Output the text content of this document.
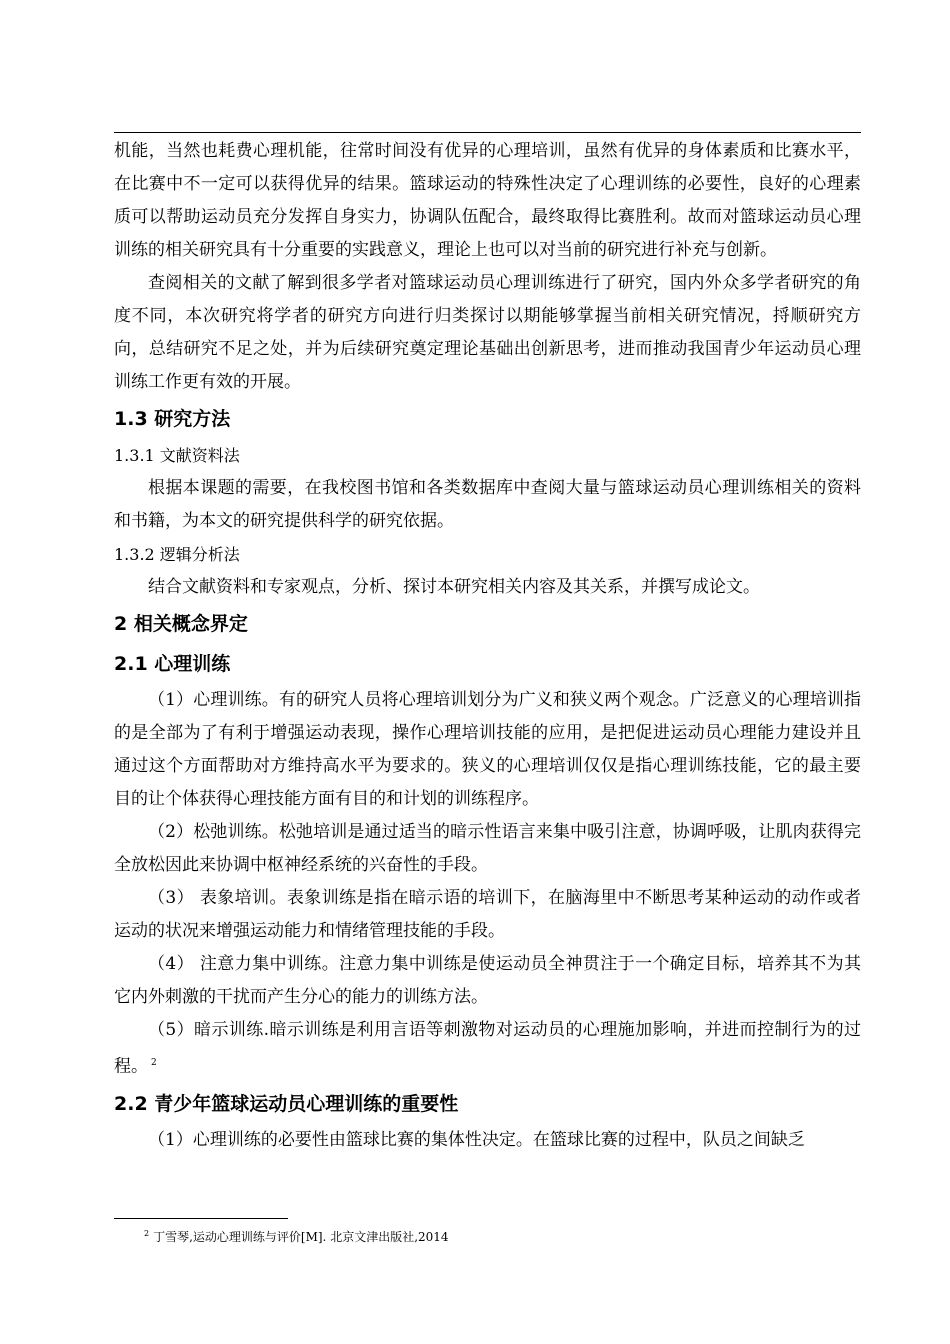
机能，当然也耗费心理机能，往常时间没有优异的心理培训，虽然有优异的身体素质和比赛水平，在比赛中不一定可以获得优异的结果。篮球运动的特殊性决定了心理训练的必要性，良好的心理素质可以帮助运动员充分发挥自身实力，协调队伍配合，最终取得比赛胜利。故而对篮球运动员心理训练的相关研究具有十分重要的实践意义，理论上也可以对当前的研究进行补充与创新。

查阅相关的文献了解到很多学者对篮球运动员心理训练进行了研究，国内外众多学者研究的角度不同，本次研究将学者的研究方向进行归类探讨以期能够掌握当前相关研究情况，捋顺研究方向，总结研究不足之处，并为后续研究奠定理论基础出创新思考，进而推动我国青少年运动员心理训练工作更有效的开展。

1.3 研究方法
1.3.1 文献资料法

根据本课题的需要，在我校图书馆和各类数据库中查阅大量与篮球运动员心理训练相关的资料和书籍，为本文的研究提供科学的研究依据。

1.3.2 逻辑分析法

结合文献资料和专家观点，分析、探讨本研究相关内容及其关系，并撰写成论文。

2 相关概念界定
2.1 心理训练

（1）心理训练。有的研究人员将心理培训划分为广义和狭义两个观念。广泛意义的心理培训指的是全部为了有利于增强运动表现，操作心理培训技能的应用，是把促进运动员心理能力建设并且通过这个方面帮助对方维持高水平为要求的。狭义的心理培训仅仅是指心理训练技能，它的最主要目的让个体获得心理技能方面有目的和计划的训练程序。

（2）松弛训练。松弛培训是通过适当的暗示性语言来集中吸引注意，协调呼吸，让肌肉获得完全放松因此来协调中枢神经系统的兴奋性的手段。

（3） 表象培训。表象训练是指在暗示语的培训下，在脑海里中不断思考某种运动的动作或者运动的状况来增强运动能力和情绪管理技能的手段。

（4） 注意力集中训练。注意力集中训练是使运动员全神贯注于一个确定目标，培养其不为其它内外刺激的干扰而产生分心的能力的训练方法。

（5）暗示训练.暗示训练是利用言语等刺激物对运动员的心理施加影响，并进而控制行为的过程。 $^2$

2.2 青少年篮球运动员心理训练的重要性

（1）心理训练的必要性由篮球比赛的集体性决定。在篮球比赛的过程中，队员之间缺乏

$^2$ 丁雪琴,运动心理训练与评价[M]. 北京文津出版社,2014
